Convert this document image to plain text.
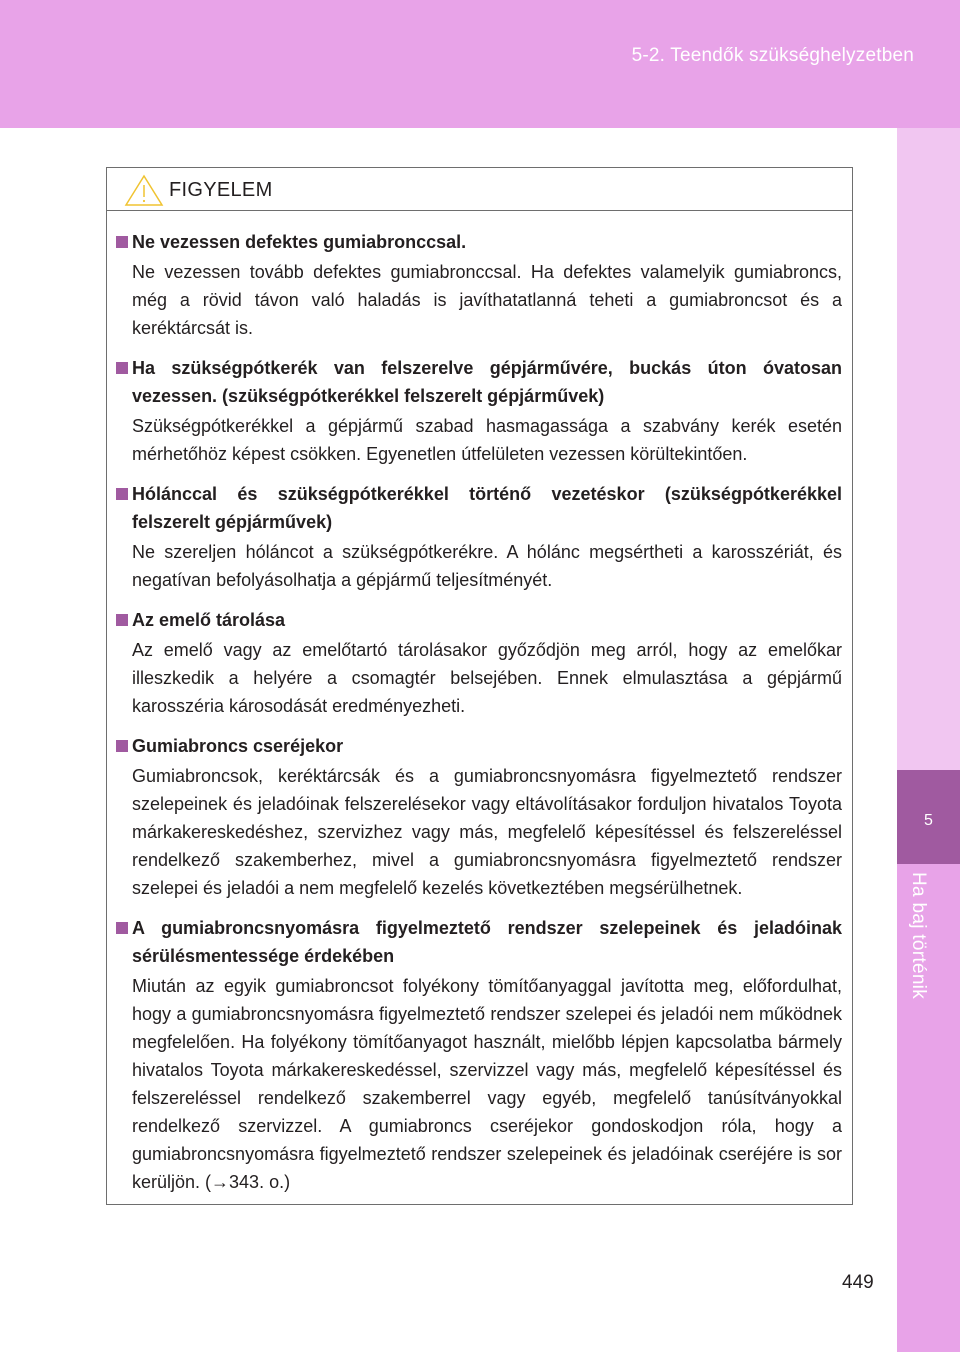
5-2. Teendők szükséghelyzetben
5
Ha baj történik
FIGYELEM
Ne vezessen defektes gumiabronccsal.
Ne vezessen tovább defektes gumiabronccsal. Ha defektes valamelyik gumiabroncs, még a rövid távon való haladás is javíthatatlanná teheti a gumiabroncsot és a keréktárcsát is.
Ha szükségpótkerék van felszerelve gépjárművére, buckás úton óvatosan vezessen. (szükségpótkerékkel felszerelt gépjárművek)
Szükségpótkerékkel a gépjármű szabad hasmagassága a szabvány kerék esetén mérhetőhöz képest csökken. Egyenetlen útfelületen vezessen körültekintően.
Hólánccal és szükségpótkerékkel történő vezetéskor (szükségpótkerékkel felszerelt gépjárművek)
Ne szereljen hóláncot a szükségpótkerékre. A hólánc megsértheti a karosszériát, és negatívan befolyásolhatja a gépjármű teljesítményét.
Az emelő tárolása
Az emelő vagy az emelőtartó tárolásakor győződjön meg arról, hogy az emelőkar illeszkedik a helyére a csomagtér belsejében. Ennek elmulasztása a gépjármű karosszéria károsodását eredményezheti.
Gumiabroncs cseréjekor
Gumiabroncsok, keréktárcsák és a gumiabroncsnyomásra figyelmeztető rendszer szelepeinek és jeladóinak felszerelésekor vagy eltávolításakor forduljon hivatalos Toyota márkakereskedéshez, szervizhez vagy más, megfelelő képesítéssel és felszereléssel rendelkező szakemberhez, mivel a gumiabroncsnyomásra figyelmeztető rendszer szelepei és jeladói a nem megfelelő kezelés következtében megsérülhetnek.
A gumiabroncsnyomásra figyelmeztető rendszer szelepeinek és jeladóinak sérülésmentessége érdekében
Miután az egyik gumiabroncsot folyékony tömítőanyaggal javította meg, előfordulhat, hogy a gumiabroncsnyomásra figyelmeztető rendszer szelepei és jeladói nem működnek megfelelően. Ha folyékony tömítőanyagot használt, mielőbb lépjen kapcsolatba bármely hivatalos Toyota márkakereskedéssel, szervizzel vagy más, megfelelő képesítéssel és felszereléssel rendelkező szakemberrel vagy egyéb, megfelelő tanúsítványokkal rendelkező szervizzel. A gumiabroncs cseréjekor gondoskodjon róla, hogy a gumiabroncsnyomásra figyelmeztető rendszer szelepeinek és jeladóinak cseréjére is sor kerüljön. (→343. o.)
449
